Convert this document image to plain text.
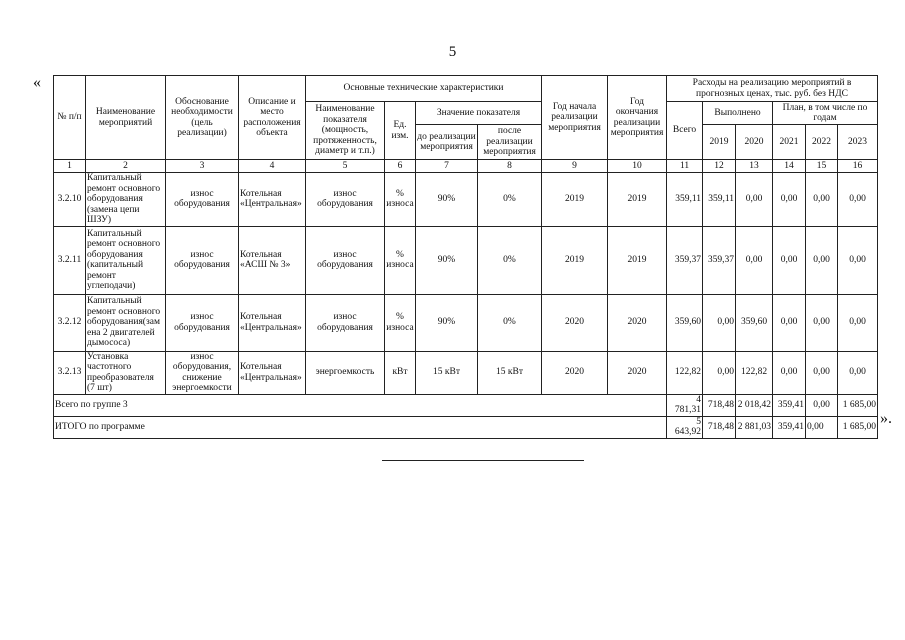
5
«
».
№ п/п	Наименование мероприятий	Обоснование необходимости (цель реализации)	Описание и место расположения объекта	Основные технические характеристики				Год начала реализации мероприятия	Год окончания реализации мероприятия	Расходы на реализацию мероприятий в прогнозных ценах, тыс. руб. без НДС					
				Наименование показателя (мощность, протяженность, диаметр и т.п.)	Ед. изм.	Значение показателя				Всего	Выполнено		План, в том числе по годам		
						до реализации мероприятия	после реализации мероприятия				2019	2020	2021	2022	2023
1	2	3	4	5	6	7	8	9	10	11	12	13	14	15	16
3.2.10	Капитальный ремонт основного оборудования (замена цепи ШЗУ)	износ оборудования	Котельная «Центральная»	износ оборудования	% износа	90%	0%	2019	2019	359,11	359,11	0,00	0,00	0,00	0,00
3.2.11	Капитальный ремонт основного оборудования (капитальный ремонт углеподачи)	износ оборудования	Котельная «АСШ № 3»	износ оборудования	% износа	90%	0%	2019	2019	359,37	359,37	0,00	0,00	0,00	0,00
3.2.12	Капитальный ремонт основного оборудования(замена 2 двигателей дымососа)	износ оборудования	Котельная «Центральная»	износ оборудования	% износа	90%	0%	2020	2020	359,60	0,00	359,60	0,00	0,00	0,00
3.2.13	Установка частотного преобразователя (7 шт)	износ оборудования, снижение энергоемкости	Котельная «Центральная»	энергоемкость	кВт	15 кВт	15 кВт	2020	2020	122,82	0,00	122,82	0,00	0,00	0,00
Всего по группе 3										4 781,31	718,48	2 018,42	359,41	0,00	1 685,00
ИТОГО по программе										5 643,92	718,48	2 881,03	359,41	0,00	1 685,00
